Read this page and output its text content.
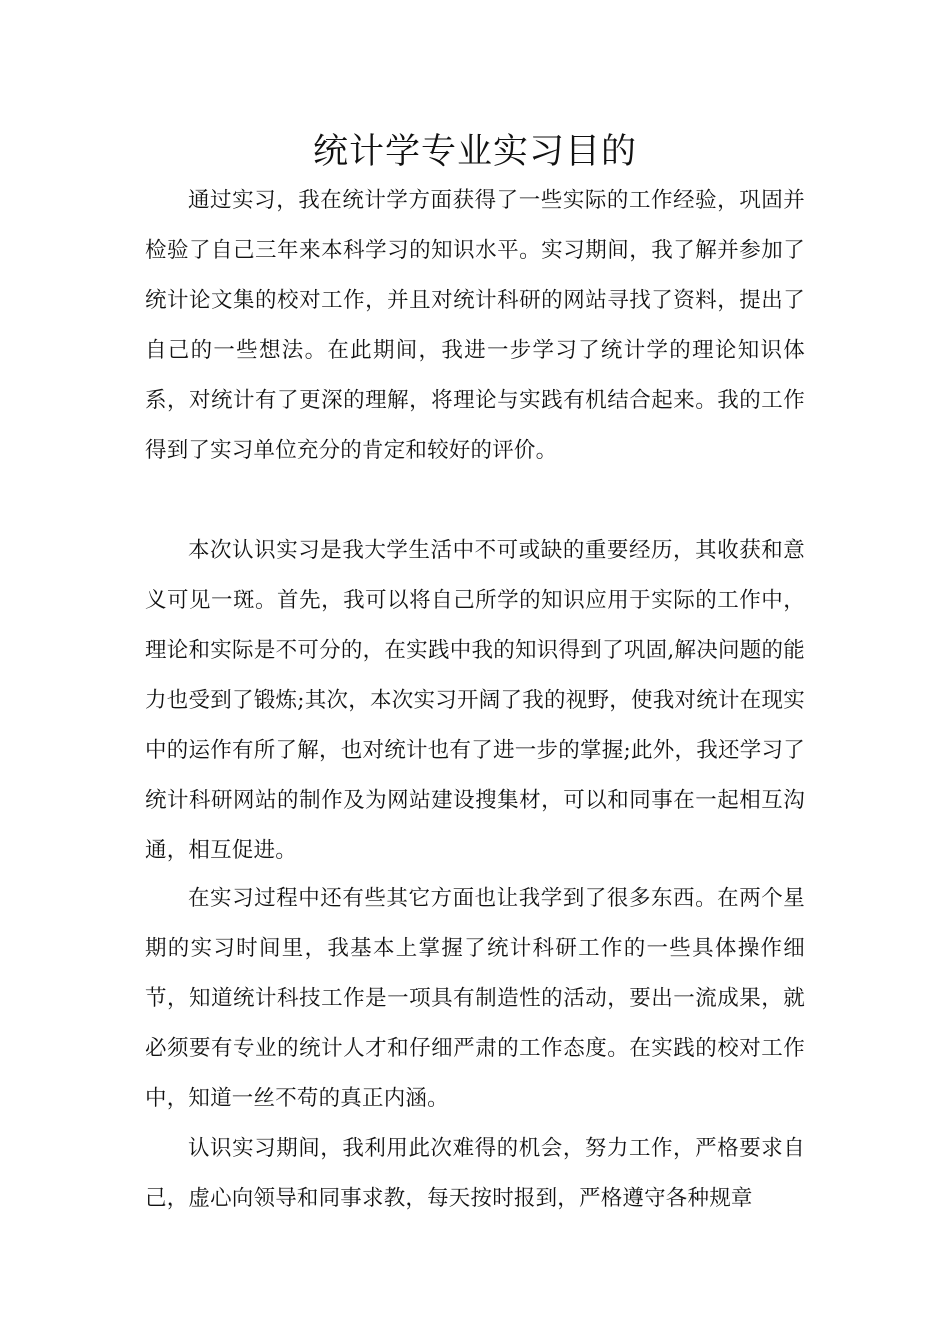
统计学专业实习目的

通过实习，我在统计学方面获得了一些实际的工作经验，巩固并检验了自己三年来本科学习的知识水平。实习期间，我了解并参加了统计论文集的校对工作，并且对统计科研的网站寻找了资料，提出了自己的一些想法。在此期间，我进一步学习了统计学的理论知识体系，对统计有了更深的理解，将理论与实践有机结合起来。我的工作得到了实习单位充分的肯定和较好的评价。

本次认识实习是我大学生活中不可或缺的重要经历，其收获和意义可见一斑。首先，我可以将自己所学的知识应用于实际的工作中，理论和实际是不可分的，在实践中我的知识得到了巩固,解决问题的能力也受到了锻炼;其次，本次实习开阔了我的视野，使我对统计在现实中的运作有所了解，也对统计也有了进一步的掌握;此外，我还学习了统计科研网站的制作及为网站建设搜集材，可以和同事在一起相互沟通，相互促进。

在实习过程中还有些其它方面也让我学到了很多东西。在两个星期的实习时间里，我基本上掌握了统计科研工作的一些具体操作细节，知道统计科技工作是一项具有制造性的活动，要出一流成果，就必须要有专业的统计人才和仔细严肃的工作态度。在实践的校对工作中，知道一丝不苟的真正内涵。

认识实习期间，我利用此次难得的机会，努力工作，严格要求自己，虚心向领导和同事求教，每天按时报到，严格遵守各种规章
